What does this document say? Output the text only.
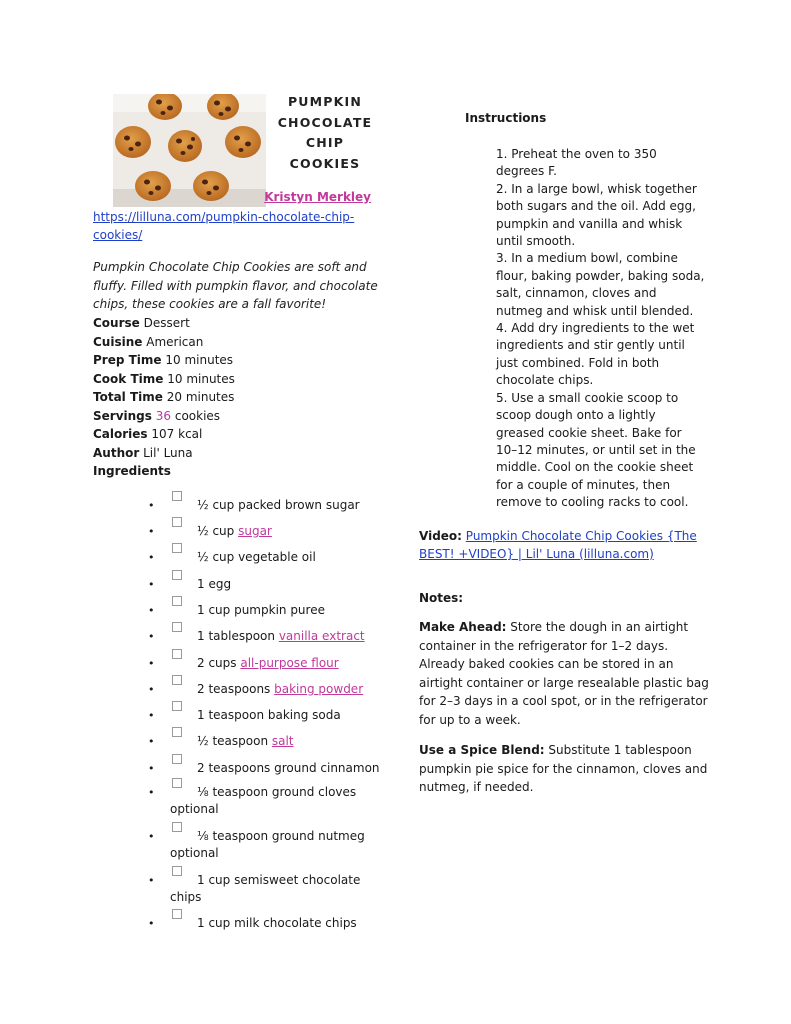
PUMPKIN
CHOCOLATE
CHIP
COOKIES
Kristyn Merkley
https://lilluna.com/pumpkin-chocolate-chip-cookies/
Pumpkin Chocolate Chip Cookies are soft and fluffy. Filled with pumpkin flavor, and chocolate chips, these cookies are a fall favorite!
Course Dessert
Cuisine American
Prep Time 10 minutes
Cook Time 10 minutes
Total Time 20 minutes
Servings 36 cookies
Calories 107 kcal
Author Lil' Luna
Ingredients
•	½ cup packed brown sugar
•	½ cup sugar
•	½ cup vegetable oil
•	1 egg
•	1 cup pumpkin puree
•	1 tablespoon vanilla extract
•	2 cups all-purpose flour
•	2 teaspoons baking powder
•	1 teaspoon baking soda
•	½ teaspoon salt
•	2 teaspoons ground cinnamon
•	⅛ teaspoon ground cloves optional
•	⅛ teaspoon ground nutmeg optional
•	1 cup semisweet chocolate chips
•	1 cup milk chocolate chips
Instructions
1. Preheat the oven to 350 degrees F.
2. In a large bowl, whisk together both sugars and the oil. Add egg, pumpkin and vanilla and whisk until smooth.
3. In a medium bowl, combine flour, baking powder, baking soda, salt, cinnamon, cloves and nutmeg and whisk until blended.
4. Add dry ingredients to the wet ingredients and stir gently until just combined. Fold in both chocolate chips.
5. Use a small cookie scoop to scoop dough onto a lightly greased cookie sheet. Bake for 10–12 minutes, or until set in the middle. Cool on the cookie sheet for a couple of minutes, then remove to cooling racks to cool.
Video: Pumpkin Chocolate Chip Cookies {The BEST! +VIDEO} | Lil' Luna (lilluna.com)
Notes:
Make Ahead: Store the dough in an airtight container in the refrigerator for 1–2 days. Already baked cookies can be stored in an airtight container or large resealable plastic bag for 2–3 days in a cool spot, or in the refrigerator for up to a week.
Use a Spice Blend: Substitute 1 tablespoon pumpkin pie spice for the cinnamon, cloves and nutmeg, if needed.
